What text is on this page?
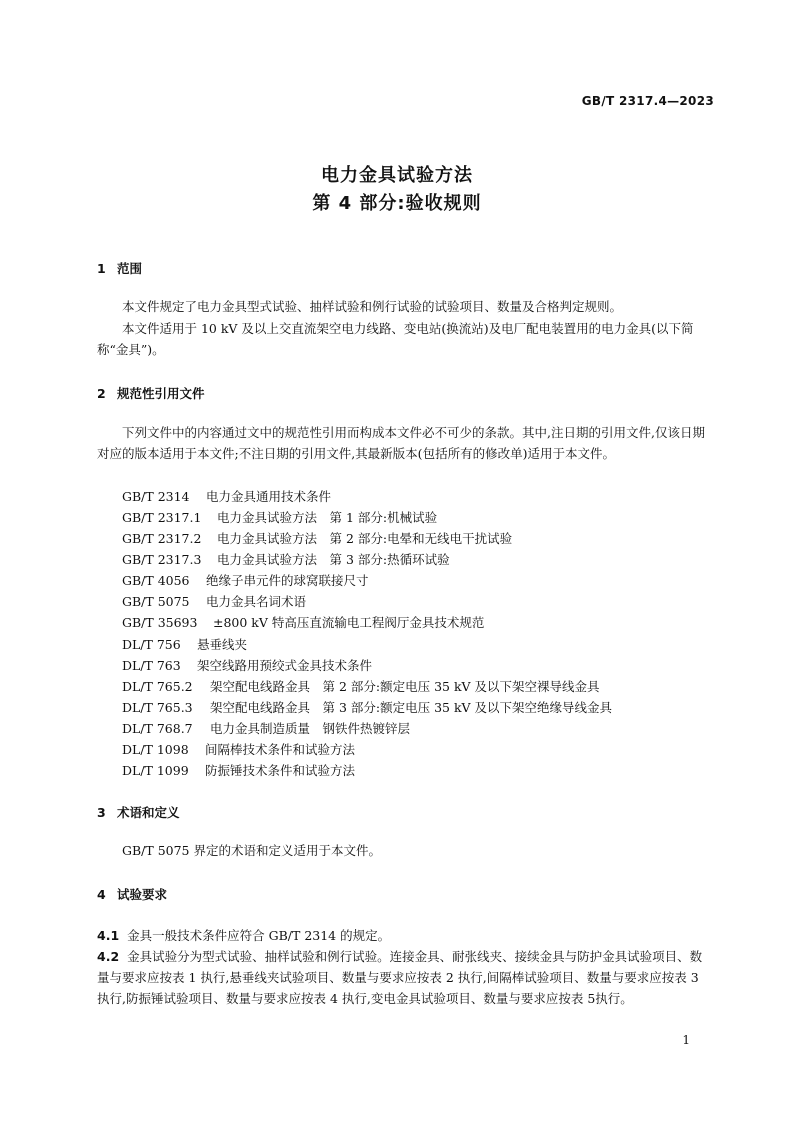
GB/T 2317.4—2023
电力金具试验方法
第 4 部分:验收规则
1 范围

本文件规定了电力金具型式试验、抽样试验和例行试验的试验项目、数量及合格判定规则。

本文件适用于 10 kV 及以上交直流架空电力线路、变电站(换流站)及电厂配电装置用的电力金具(以下简称“金具”)。

2 规范性引用文件

下列文件中的内容通过文中的规范性引用而构成本文件必不可少的条款。其中,注日期的引用文件,仅该日期对应的版本适用于本文件;不注日期的引用文件,其最新版本(包括所有的修改单)适用于本文件。

GB/T 2314 电力金具通用技术条件
GB/T 2317.1 电力金具试验方法　第 1 部分:机械试验
GB/T 2317.2 电力金具试验方法　第 2 部分:电晕和无线电干扰试验
GB/T 2317.3 电力金具试验方法　第 3 部分:热循环试验
GB/T 4056 绝缘子串元件的球窝联接尺寸
GB/T 5075 电力金具名词术语
GB/T 35693 ±800 kV 特高压直流输电工程阀厅金具技术规范
DL/T 756 悬垂线夹
DL/T 763 架空线路用预绞式金具技术条件
DL/T 765.2 架空配电线路金具　第 2 部分:额定电压 35 kV 及以下架空裸导线金具
DL/T 765.3 架空配电线路金具　第 3 部分:额定电压 35 kV 及以下架空绝缘导线金具
DL/T 768.7 电力金具制造质量　钢铁件热镀锌层
DL/T 1098 间隔棒技术条件和试验方法
DL/T 1099 防振锤技术条件和试验方法
3 术语和定义

GB/T 5075 界定的术语和定义适用于本文件。

4 试验要求

4.1 金具一般技术条件应符合 GB/T 2314 的规定。

4.2 金具试验分为型式试验、抽样试验和例行试验。连接金具、耐张线夹、接续金具与防护金具试验项目、数量与要求应按表 1 执行,悬垂线夹试验项目、数量与要求应按表 2 执行,间隔棒试验项目、数量与要求应按表 3 执行,防振锤试验项目、数量与要求应按表 4 执行,变电金具试验项目、数量与要求应按表 5执行。

1
